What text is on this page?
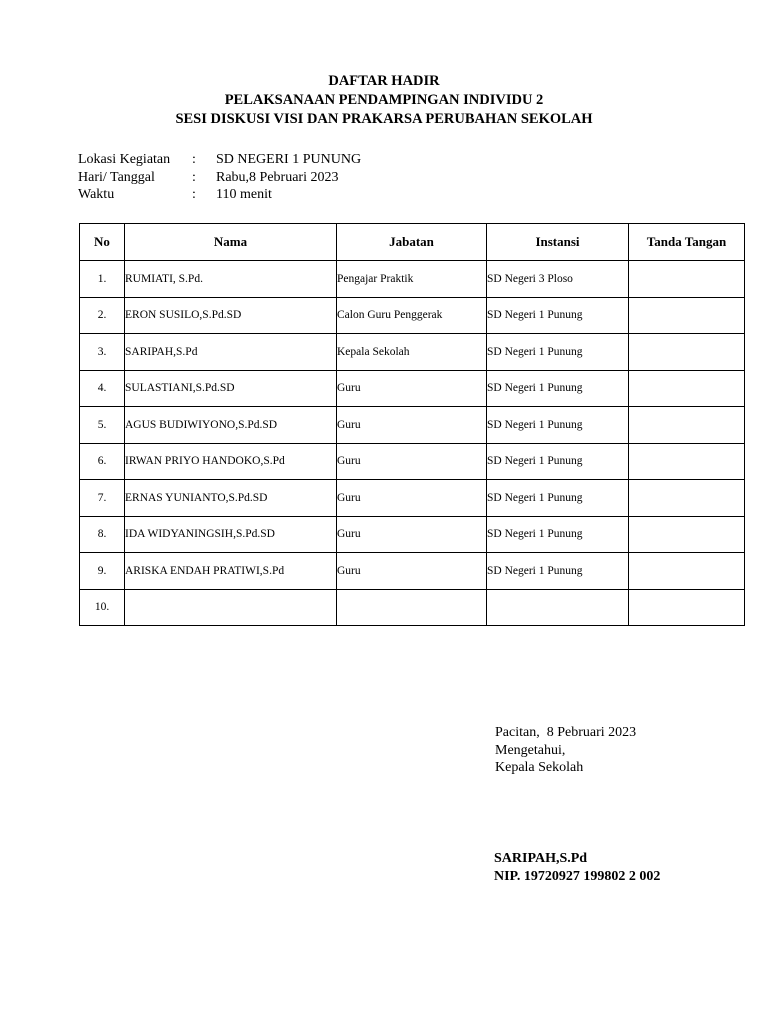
DAFTAR HADIR
PELAKSANAAN PENDAMPINGAN INDIVIDU 2
SESI DISKUSI VISI DAN PRAKARSA PERUBAHAN SEKOLAH
Lokasi Kegiatan	:	SD NEGERI 1 PUNUNG
Hari/ Tanggal	:	Rabu,8 Pebruari 2023
Waktu	:	110 menit
No	Nama	Jabatan	Instansi	Tanda Tangan
1.	RUMIATI, S.Pd.	Pengajar Praktik	SD Negeri 3 Ploso	
2.	ERON SUSILO,S.Pd.SD	Calon Guru Penggerak	SD Negeri 1 Punung	
3.	SARIPAH,S.Pd	Kepala Sekolah	SD Negeri 1 Punung	
4.	SULASTIANI,S.Pd.SD	Guru	SD Negeri 1 Punung	
5.	AGUS BUDIWIYONO,S.Pd.SD	Guru	SD Negeri 1 Punung	
6.	IRWAN PRIYO HANDOKO,S.Pd	Guru	SD Negeri 1 Punung	
7.	ERNAS YUNIANTO,S.Pd.SD	Guru	SD Negeri 1 Punung	
8.	IDA WIDYANINGSIH,S.Pd.SD	Guru	SD Negeri 1 Punung	
9.	ARISKA ENDAH PRATIWI,S.Pd	Guru	SD Negeri 1 Punung	
10.				
Pacitan,  8 Pebruari 2023
Mengetahui,
Kepala Sekolah
SARIPAH,S.Pd
NIP. 19720927 199802 2 002
